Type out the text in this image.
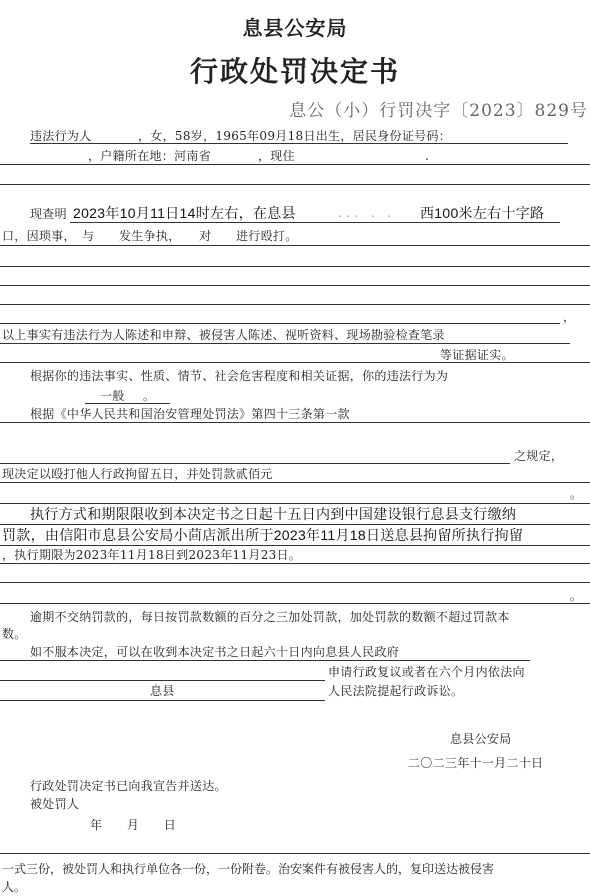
息县公安局
行政处罚决定书
息公（小）行罚决字〔2023〕829号
违法行为人	，女，58岁，1965年09月18日出生，居民身份证号码：
，户籍所在地：河南省	，现住	.
现查明 2023年10月11日14时左右，在息县	. . .　.　. 西100米左右十字路
口，因琐事，　与　　发生争执，　　对　　进行殴打。
，
以上事实有违法行为人陈述和申辩、被侵害人陈述、视听资料、现场勘验检查笔录
等证据证实。
根据你的违法事实、性质、情节、社会危害程度和相关证据，你的违法行为为
一般 。
根据《中华人民共和国治安管理处罚法》第四十三条第一款
之规定，
现决定以殴打他人行政拘留五日，并处罚款贰佰元
。
执行方式和期限限收到本决定书之日起十五日内到中国建设银行息县支行缴纳
罚款，由信阳市息县公安局小茴店派出所于2023年11月18日送息县拘留所执行拘留
，执行期限为2023年11月18日到2023年11月23日。
。
逾期不交纳罚款的，每日按罚款数额的百分之三加处罚款，加处罚款的数额不超过罚款本
数。
如不服本决定，可以在收到本决定书之日起六十日内向息县人民政府
申请行政复议或者在六个月内依法向
息县	人民法院提起行政诉讼。
息县公安局
二〇二三年十一月二十日
行政处罚决定书已向我宣告并送达。
被处罚人
年　　月　　日
一式三份，被处罚人和执行单位各一份，一份附卷。治安案件有被侵害人的，复印送达被侵害
人。
